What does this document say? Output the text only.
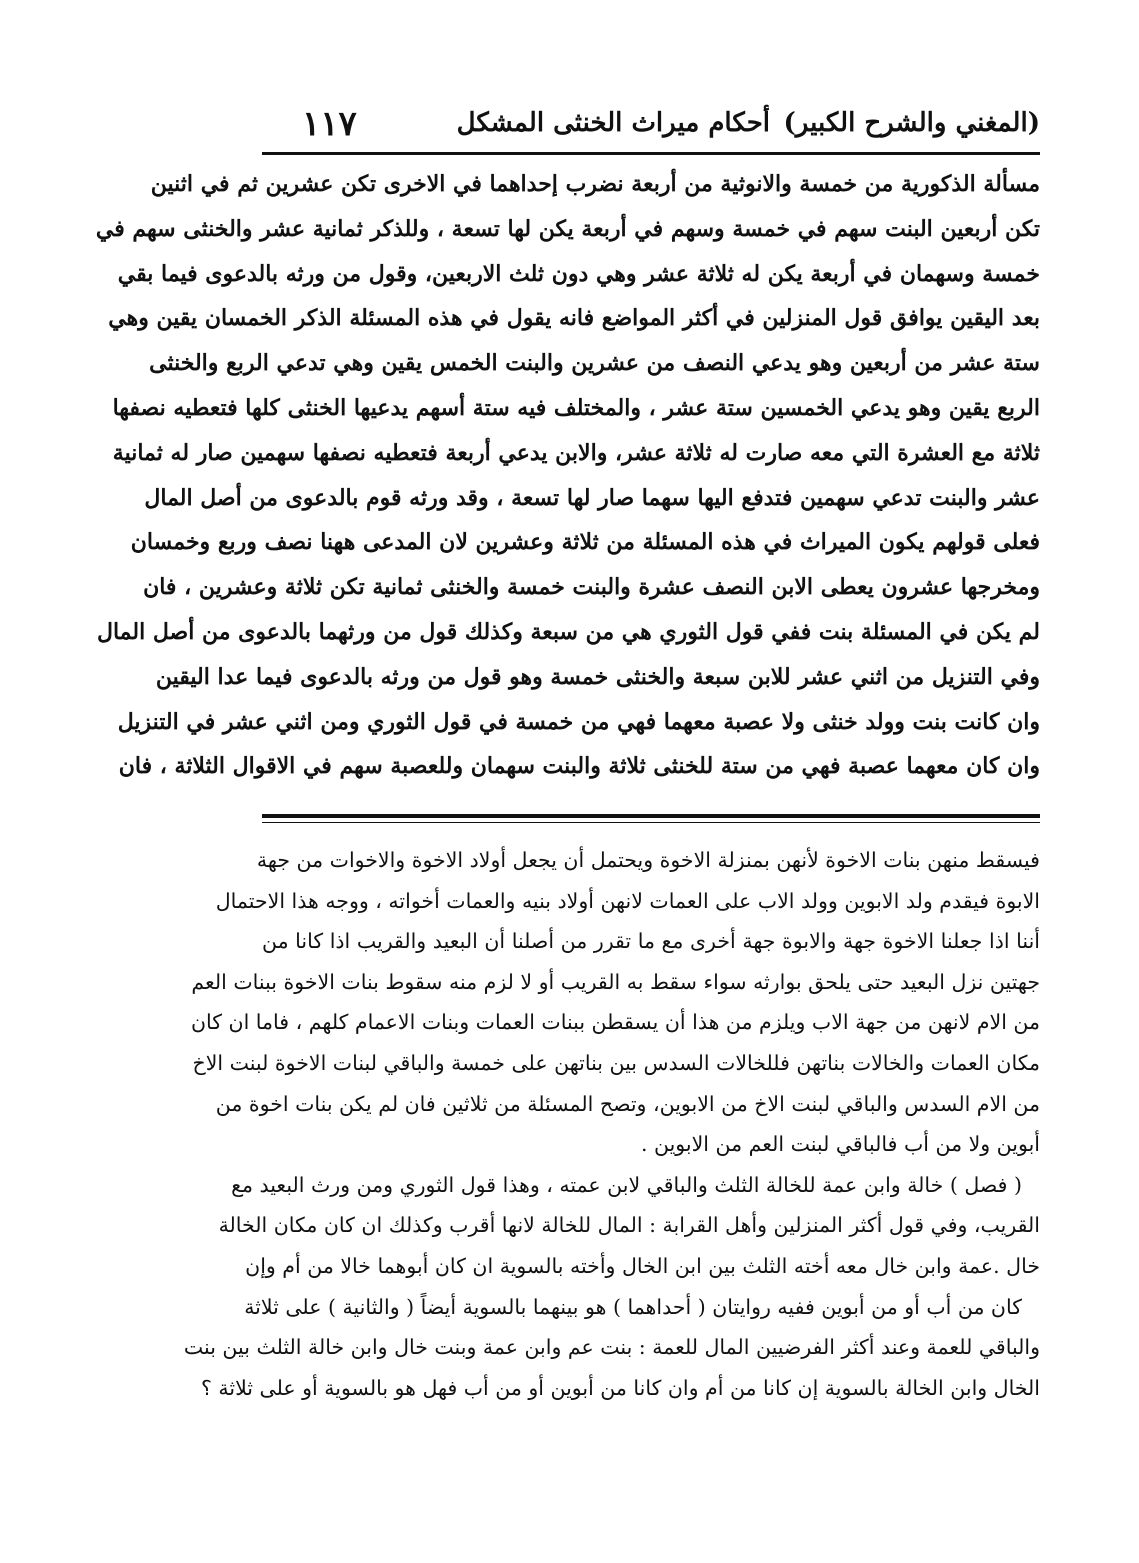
(المغني والشرح الكبير)
أحكام ميراث الخنثى المشكل
١١٧
مسألة الذكورية من خمسة والانوثية من أربعة نضرب إحداهما في الاخرى تكن عشرين ثم في اثنين
تكن أربعين البنت سهم في خمسة وسهم في أربعة يكن لها تسعة ، وللذكر ثمانية عشر والخنثى سهم في
خمسة وسهمان في أربعة يكن له ثلاثة عشر وهي دون ثلث الاربعين، وقول من ورثه بالدعوى فيما بقي
بعد اليقين يوافق قول المنزلين في أكثر المواضع فانه يقول في هذه المسئلة الذكر الخمسان يقين وهي
ستة عشر من أربعين وهو يدعي النصف من عشرين والبنت الخمس يقين وهي تدعي الربع والخنثى
الربع يقين وهو يدعي الخمسين ستة عشر ، والمختلف فيه ستة أسهم يدعيها الخنثى كلها فتعطيه نصفها
ثلاثة مع العشرة التي معه صارت له ثلاثة عشر، والابن يدعي أربعة فتعطيه نصفها سهمين صار له ثمانية
عشر والبنت تدعي سهمين فتدفع اليها سهما صار لها تسعة ، وقد ورثه قوم بالدعوى من أصل المال
فعلى قولهم يكون الميراث في هذه المسئلة من ثلاثة وعشرين لان المدعى ههنا نصف وربع وخمسان
ومخرجها عشرون يعطى الابن النصف عشرة والبنت خمسة والخنثى ثمانية تكن ثلاثة وعشرين ، فان
لم يكن في المسئلة بنت ففي قول الثوري هي من سبعة وكذلك قول من ورثهما بالدعوى من أصل المال
وفي التنزيل من اثني عشر للابن سبعة والخنثى خمسة وهو قول من ورثه بالدعوى فيما عدا اليقين
وان كانت بنت وولد خنثى ولا عصبة معهما فهي من خمسة في قول الثوري ومن اثني عشر في التنزيل
وان كان معهما عصبة فهي من ستة للخنثى ثلاثة والبنت سهمان وللعصبة سهم في الاقوال الثلاثة ، فان
فيسقط منهن بنات الاخوة لأنهن بمنزلة الاخوة ويحتمل أن يجعل أولاد الاخوة والاخوات من جهة
الابوة فيقدم ولد الابوين وولد الاب على العمات لانهن أولاد بنيه والعمات أخواته ، ووجه هذا الاحتمال
أننا اذا جعلنا الاخوة جهة والابوة جهة أخرى مع ما تقرر من أصلنا أن البعيد والقريب اذا كانا من
جهتين نزل البعيد حتى يلحق بوارثه سواء سقط به القريب أو لا لزم منه سقوط بنات الاخوة ببنات العم
من الام لانهن من جهة الاب ويلزم من هذا أن يسقطن ببنات العمات وبنات الاعمام كلهم ، فاما ان كان
مكان العمات والخالات بناتهن فللخالات السدس بين بناتهن على خمسة والباقي لبنات الاخوة لبنت الاخ
من الام السدس والباقي لبنت الاخ من الابوين، وتصح المسئلة من ثلاثين فان لم يكن بنات اخوة من
أبوين ولا من أب فالباقي لبنت العم من الابوين .
( فصل ) خالة وابن عمة للخالة الثلث والباقي لابن عمته ، وهذا قول الثوري ومن ورث البعيد مع
القريب، وفي قول أكثر المنزلين وأهل القرابة : المال للخالة لانها أقرب وكذلك ان كان مكان الخالة
خال .عمة وابن خال معه أخته الثلث بين ابن الخال وأخته بالسوية ان كان أبوهما خالا من أم وإن
كان من أب أو من أبوين ففيه روايتان ( أحداهما ) هو بينهما بالسوية أيضاً ( والثانية ) على ثلاثة
والباقي للعمة وعند أكثر الفرضيين المال للعمة : بنت عم وابن عمة وبنت خال وابن خالة الثلث بين بنت
الخال وابن الخالة بالسوية إن كانا من أم وان كانا من أبوين أو من أب فهل هو بالسوية أو على ثلاثة ؟
